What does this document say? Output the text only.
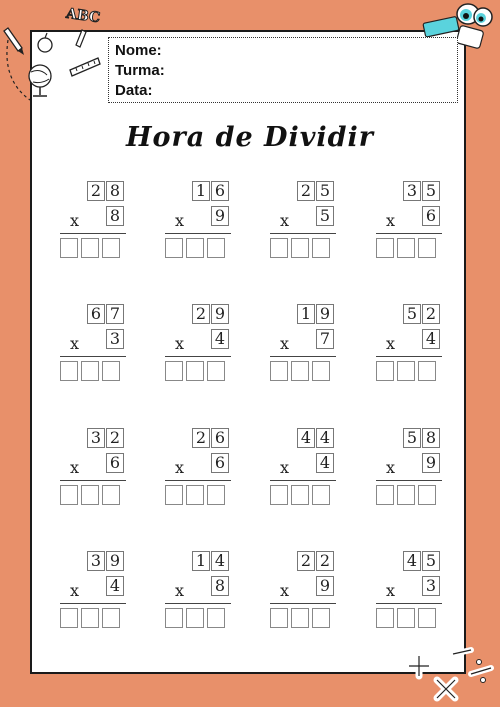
ABC
Nome:
Turma:
Data:
Hora de Dividir
2 8
x 8
1 6
x 9
2 5
x 5
3 5
x 6
6 7
x 3
2 9
x 4
1 9
x 7
5 2
x 4
3 2
x 6
2 6
x 6
4 4
x 4
5 8
x 9
3 9
x 4
1 4
x 8
2 2
x 9
4 5
x 3
